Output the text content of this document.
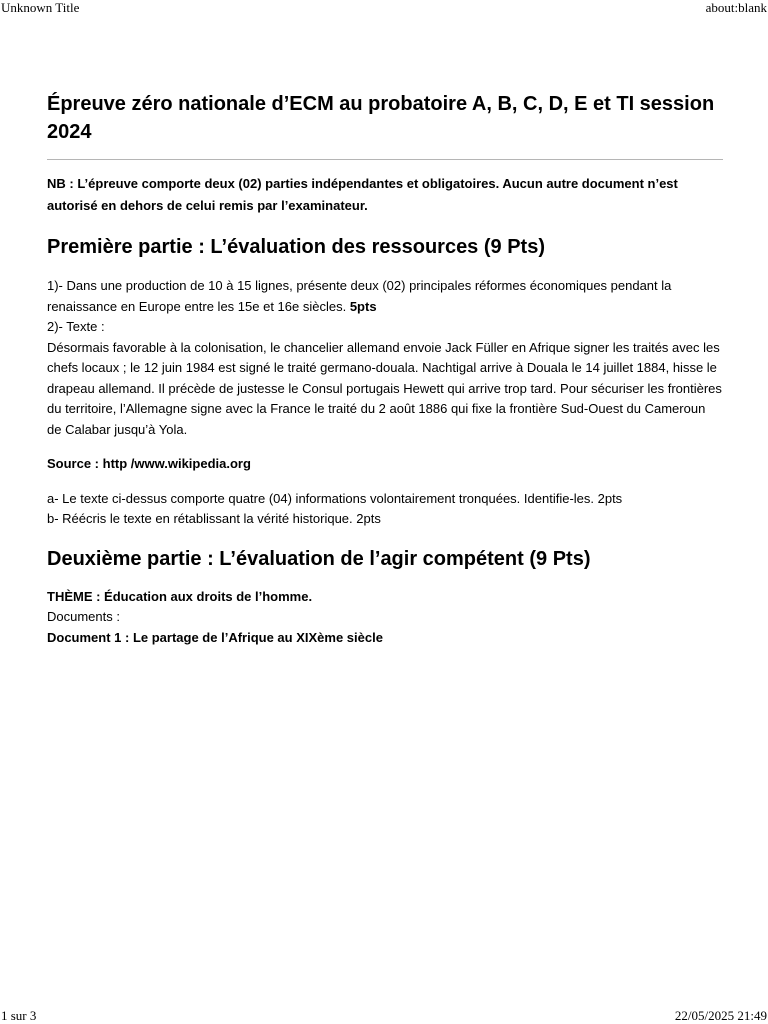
Unknown Title	about:blank
Épreuve zéro nationale d’ECM au probatoire A, B, C, D, E et TI session 2024

NB : L’épreuve comporte deux (02) parties indépendantes et obligatoires. Aucun autre document n’est autorisé en dehors de celui remis par l’examinateur.

Première partie : L’évaluation des ressources (9 Pts)

1)- Dans une production de 10 à 15 lignes, présente deux (02) principales réformes économiques pendant la renaissance en Europe entre les 15e et 16e siècles. 5pts

2)- Texte :

Désormais favorable à la colonisation, le chancelier allemand envoie Jack Füller en Afrique signer les traités avec les chefs locaux ; le 12 juin 1984 est signé le traité germano-douala. Nachtigal arrive à Douala le 14 juillet 1884, hisse le drapeau allemand. Il précède de justesse le Consul portugais Hewett qui arrive trop tard. Pour sécuriser les frontières du territoire, l’Allemagne signe avec la France le traité du 2 août 1886 qui fixe la frontière Sud-Ouest du Cameroun de Calabar jusqu’à Yola.

Source : http /www.wikipedia.org

a- Le texte ci-dessus comporte quatre (04) informations volontairement tronquées. Identifie-les. 2pts

b- Réécris le texte en rétablissant la vérité historique. 2pts

Deuxième partie : L’évaluation de l’agir compétent (9 Pts)

THÈME : Éducation aux droits de l’homme.

Documents :

Document 1 : Le partage de l’Afrique au XIXème siècle

1 sur 3	22/05/2025 21:49
